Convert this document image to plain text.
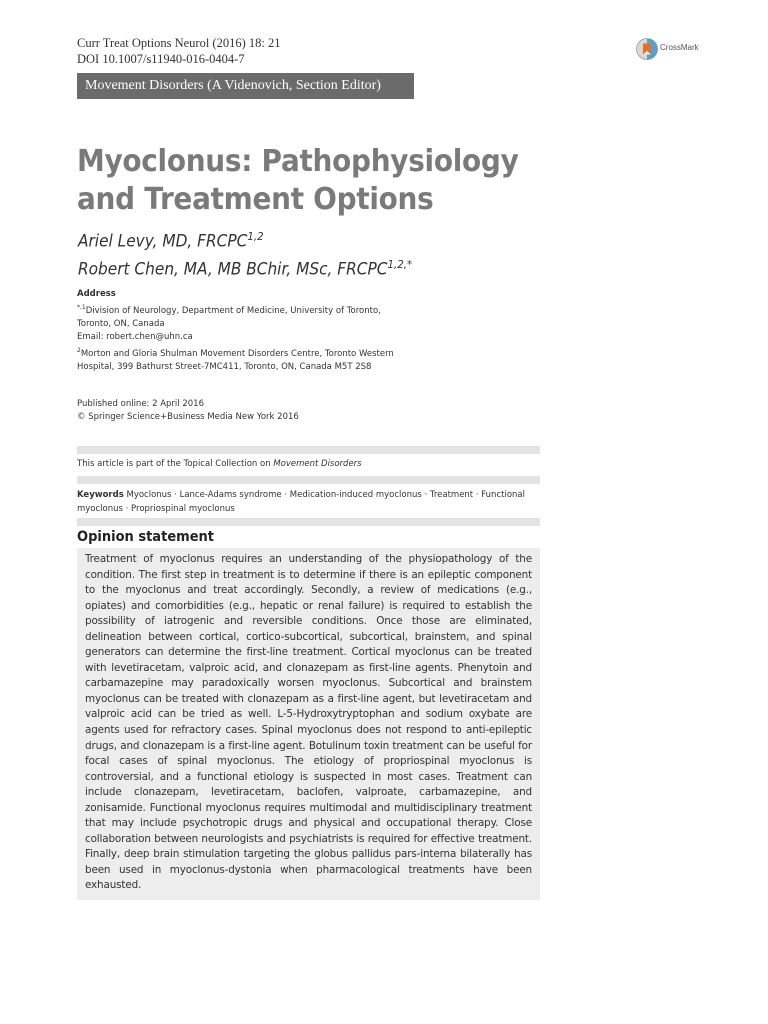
Curr Treat Options Neurol (2016) 18: 21
DOI 10.1007/s11940-016-0404-7
CrossMark
Movement Disorders (A Videnovich, Section Editor)
Myoclonus: Pathophysiology and Treatment Options
Ariel Levy, MD, FRCPC$^{1,2}$
Robert Chen, MA, MB BChir, MSc, $FRCPC^{1,2,*}$
Address
$^{*,1}$Division of Neurology, Department of Medicine, University of Toronto, Toronto, ON, Canada
Email: robert.chen@uhn.ca
$^2$Morton and Gloria Shulman Movement Disorders Centre, Toronto Western Hospital, 399 Bathurst Street-7MC411, Toronto, ON, Canada M5T 2S8
Published online: 2 April 2016
© Springer Science+Business Media New York 2016
This article is part of the Topical Collection on Movement Disorders
Keywords Myoclonus · Lance-Adams syndrome · Medication-induced myoclonus · Treatment · Functional myoclonus · Propriospinal myoclonus
Opinion statement
Treatment of myoclonus requires an understanding of the physiopathology of the condition. The first step in treatment is to determine if there is an epileptic component to the myoclonus and treat accordingly. Secondly, a review of medications (e.g., opiates) and comorbidities (e.g., hepatic or renal failure) is required to establish the possibility of iatrogenic and reversible conditions. Once those are eliminated, delineation between cortical, cortico-subcortical, subcortical, brainstem, and spinal generators can determine the first-line treatment. Cortical myoclonus can be treated with levetiracetam, valproic acid, and clonazepam as first-line agents. Phenytoin and carbamazepine may paradoxically worsen myoclonus. Subcortical and brainstem myoclonus can be treated with clonazepam as a first-line agent, but levetiracetam and valproic acid can be tried as well. L-5-Hydroxytryptophan and sodium oxybate are agents used for refractory cases. Spinal myoclonus does not respond to anti-epileptic drugs, and clonazepam is a first-line agent. Botulinum toxin treatment can be useful for focal cases of spinal myoclonus. The etiology of propriospinal myoclonus is controversial, and a functional etiology is suspected in most cases. Treatment can include clonazepam, levetiracetam, baclofen, valproate, carbamazepine, and zonisamide. Functional myoclonus requires multimodal and multidisciplinary treatment that may include psychotropic drugs and physical and occupational therapy. Close collaboration between neurologists and psychiatrists is required for effective treatment. Finally, deep brain stimulation targeting the globus pallidus pars-interna bilaterally has been used in myoclonus-dystonia when pharmacological treatments have been exhausted.
